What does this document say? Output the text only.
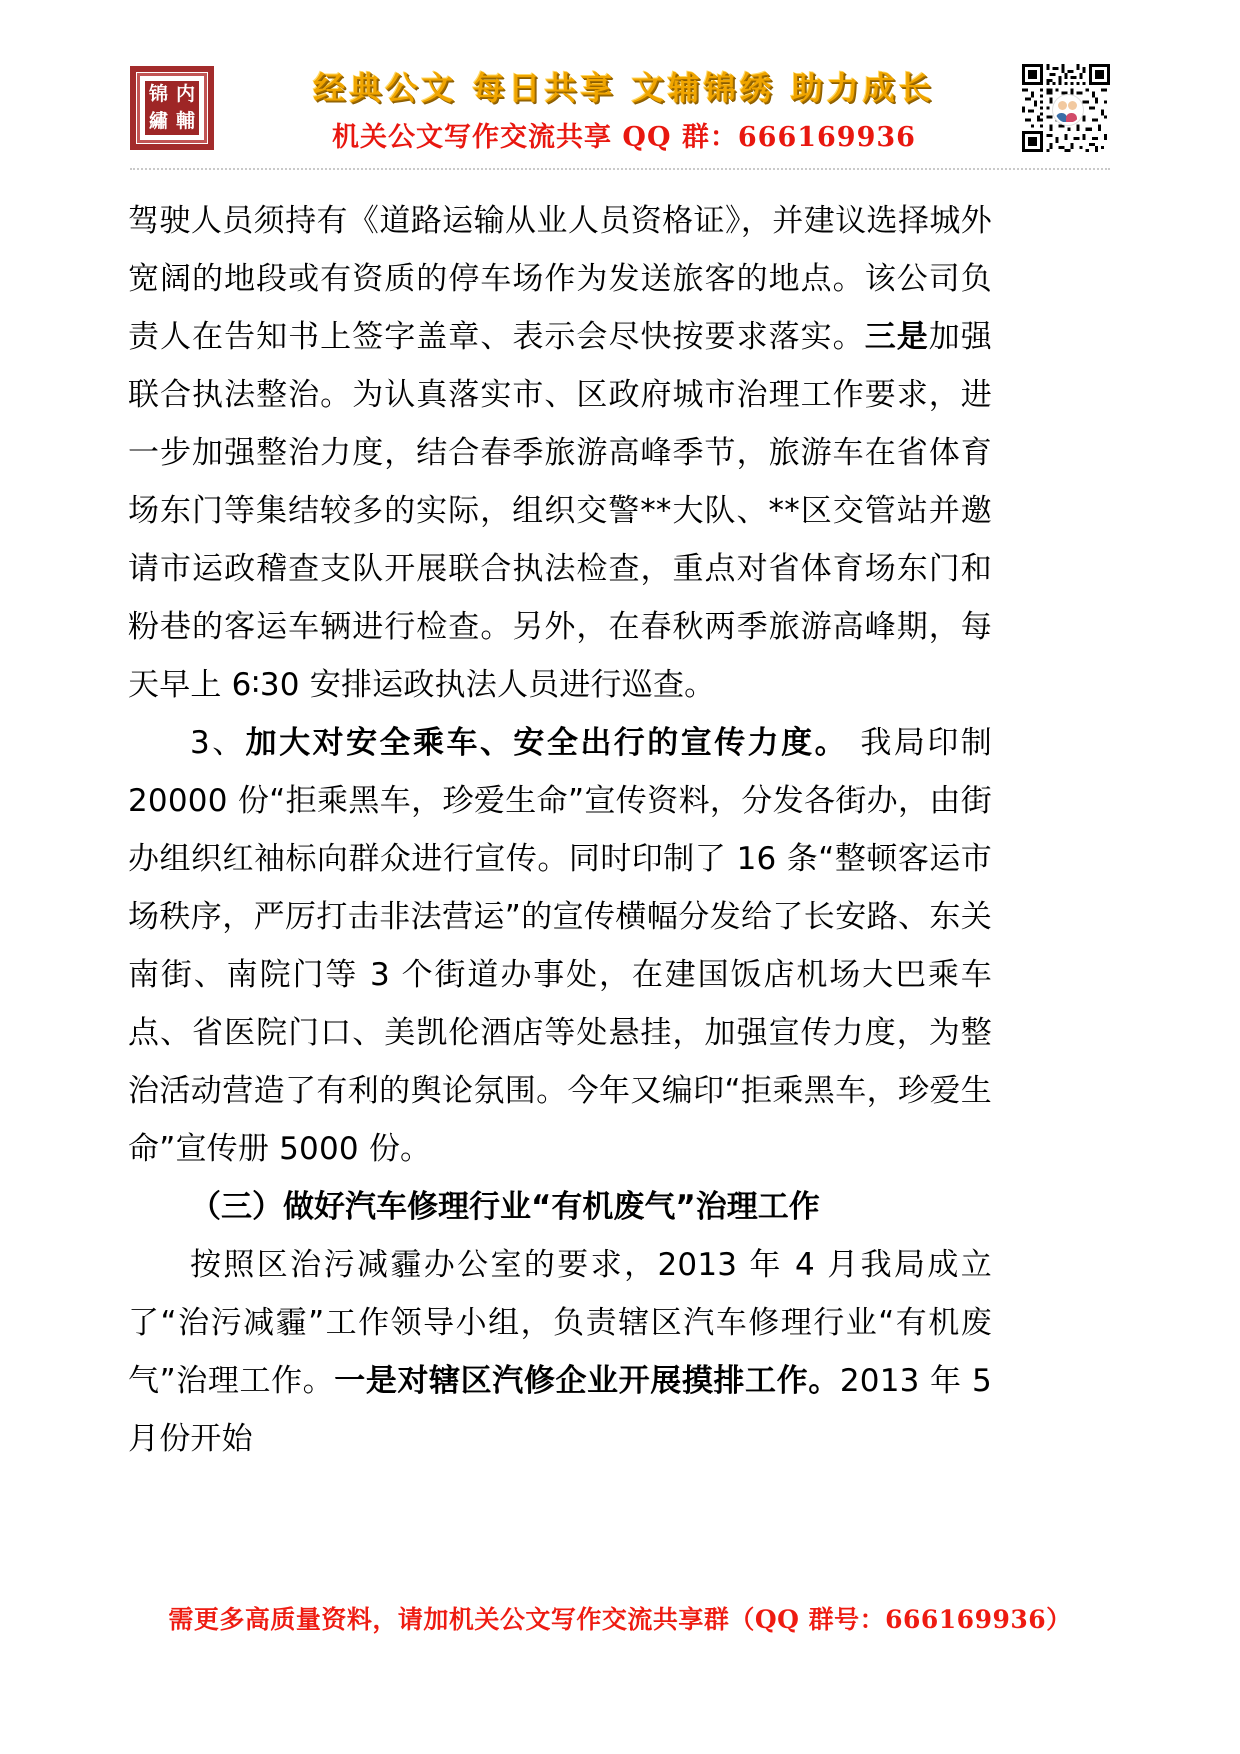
锦 内
繡 輔
经典公文 每日共享 文辅锦绣 助力成长
机关公文写作交流共享 QQ 群：666169936

驾驶人员须持有《道路运输从业人员资格证》，并建议选择城外宽阔的地段或有资质的停车场作为发送旅客的地点。该公司负责人在告知书上签字盖章、表示会尽快按要求落实。三是加强联合执法整治。为认真落实市、区政府城市治理工作要求，进一步加强整治力度，结合春季旅游高峰季节，旅游车在省体育场东门等集结较多的实际，组织交警**大队、**区交管站并邀请市运政稽查支队开展联合执法检查，重点对省体育场东门和粉巷的客运车辆进行检查。另外，在春秋两季旅游高峰期，每天早上 6∶30 安排运政执法人员进行巡查。

3、加大对安全乘车、安全出行的宣传力度。 我局印制 20000 份“拒乘黑车，珍爱生命”宣传资料，分发各街办，由街办组织红袖标向群众进行宣传。同时印制了 16 条“整顿客运市场秩序，严厉打击非法营运”的宣传横幅分发给了长安路、东关南街、南院门等 3 个街道办事处，在建国饭店机场大巴乘车点、省医院门口、美凯伦酒店等处悬挂，加强宣传力度，为整治活动营造了有利的舆论氛围。今年又编印“拒乘黑车，珍爱生命”宣传册 5000 份。

（三）做好汽车修理行业“有机废气”治理工作

按照区治污减霾办公室的要求，2013 年 4 月我局成立了“治污减霾”工作领导小组，负责辖区汽车修理行业“有机废气”治理工作。一是对辖区汽修企业开展摸排工作。2013 年 5 月份开始

需更多高质量资料，请加机关公文写作交流共享群（QQ 群号：666169936）
